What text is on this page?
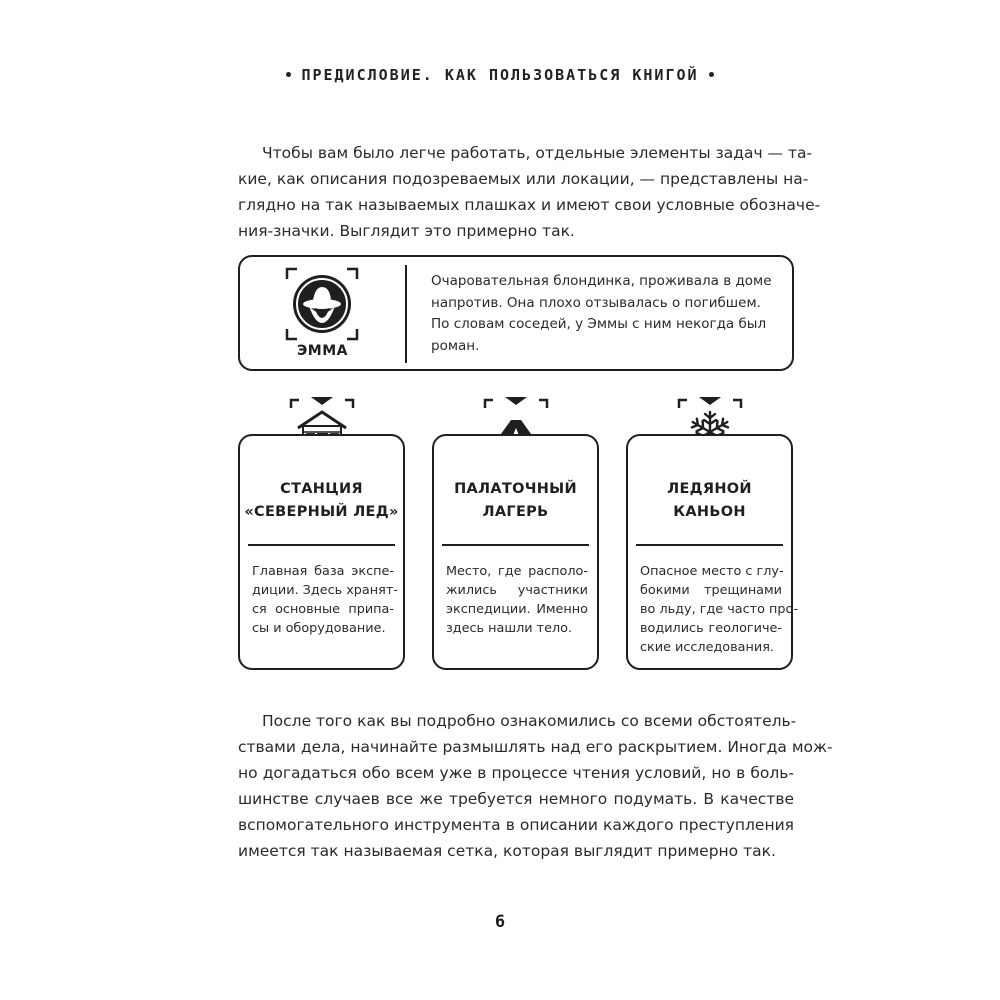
ПРЕДИСЛОВИЕ. КАК ПОЛЬЗОВАТЬСЯ КНИГОЙ
Чтобы вам было легче работать, отдельные элементы задач — та-
кие, как описания подозреваемых или локации, — представлены на-
глядно на так называемых плашках и имеют свои условные обозначе-
ния-значки. Выглядит это примерно так.
ЭММА
Очаровательная блондинка, проживала в доме
напротив. Она плохо отзывалась о погибшем.
По словам соседей, у Эммы с ним некогда был
роман.
СТАНЦИЯ
«СЕВЕРНЫЙ ЛЕД»
Главная база экспе-
диции. Здесь хранят-
ся основные припа-
сы и оборудование.
ПАЛАТОЧНЫЙ
ЛАГЕРЬ
Место, где располо-
жились участники
экспедиции. Именно
здесь нашли тело.
ЛЕДЯНОЙ
КАНЬОН
Опасное место с глу-
бокими трещинами
во льду, где часто про-
водились геологиче-
ские исследования.
После того как вы подробно ознакомились со всеми обстоятель-
ствами дела, начинайте размышлять над его раскрытием. Иногда мож-
но догадаться обо всем уже в процессе чтения условий, но в боль-
шинстве случаев все же требуется немного подумать. В качестве
вспомогательного инструмента в описании каждого преступления
имеется так называемая сетка, которая выглядит примерно так.
6
